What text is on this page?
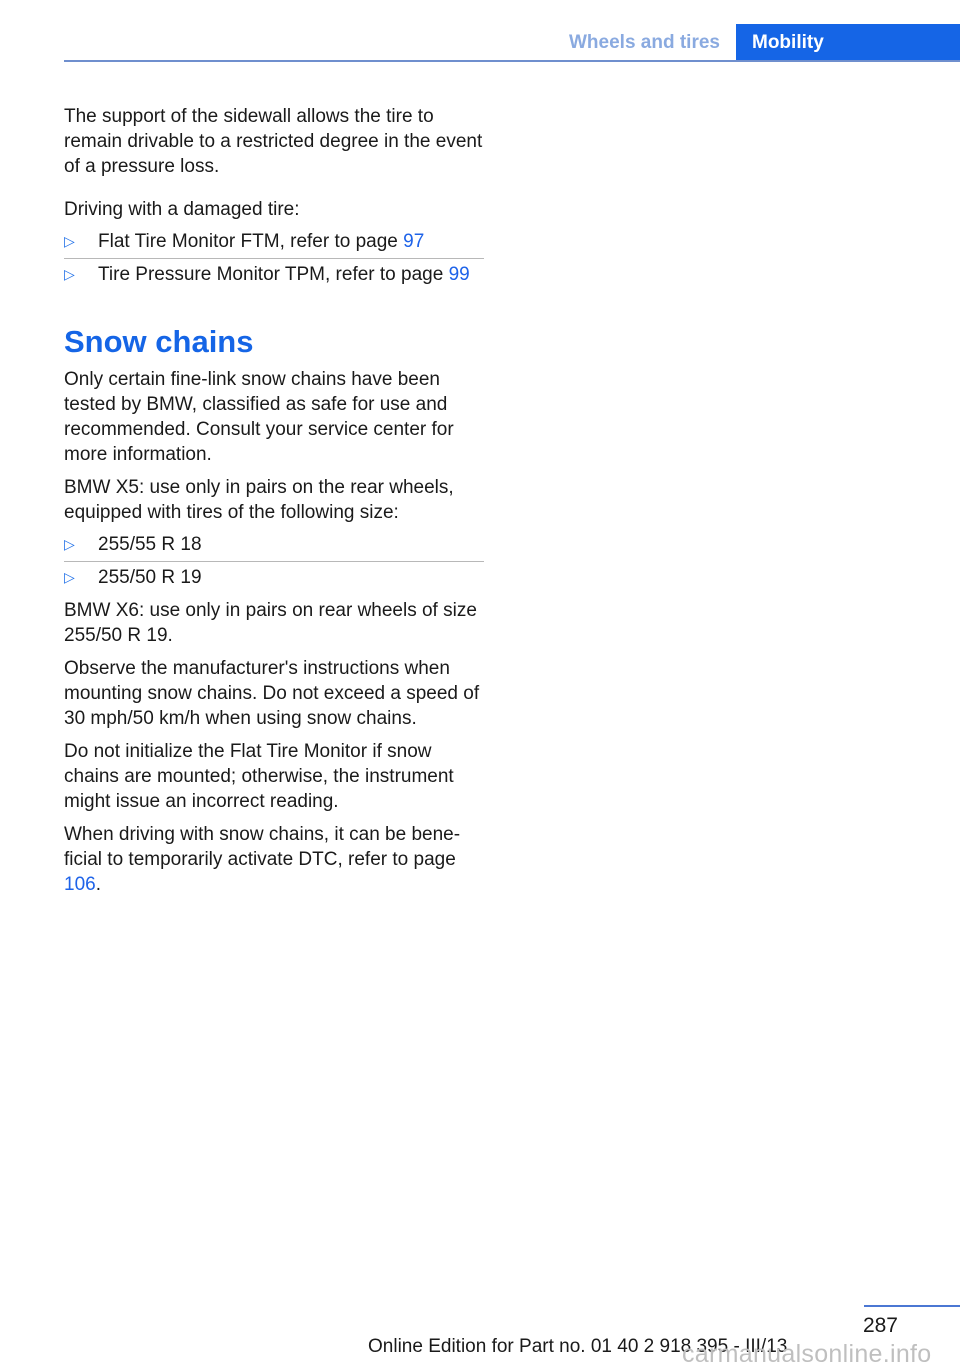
Wheels and tires	Mobility

The support of the sidewall allows the tire to remain drivable to a restricted degree in the event of a pressure loss.

Driving with a damaged tire:

▷	Flat Tire Monitor FTM, refer to page 97
▷	Tire Pressure Monitor TPM, refer to page 99
Snow chains

Only certain fine-link snow chains have been tested by BMW, classified as safe for use and recommended. Consult your service center for more information.

BMW X5: use only in pairs on the rear wheels, equipped with tires of the following size:

▷	255/55 R 18
▷	255/50 R 19

BMW X6: use only in pairs on rear wheels of size 255/50 R 19.

Observe the manufacturer's instructions when mounting snow chains. Do not exceed a speed of 30 mph/50 km/h when using snow chains.

Do not initialize the Flat Tire Monitor if snow chains are mounted; otherwise, the instrument might issue an incorrect reading.

When driving with snow chains, it can be beneficial to temporarily activate DTC, refer to page 106.

287
Online Edition for Part no. 01 40 2 918 395 - III/13
carmanualsonline.info
